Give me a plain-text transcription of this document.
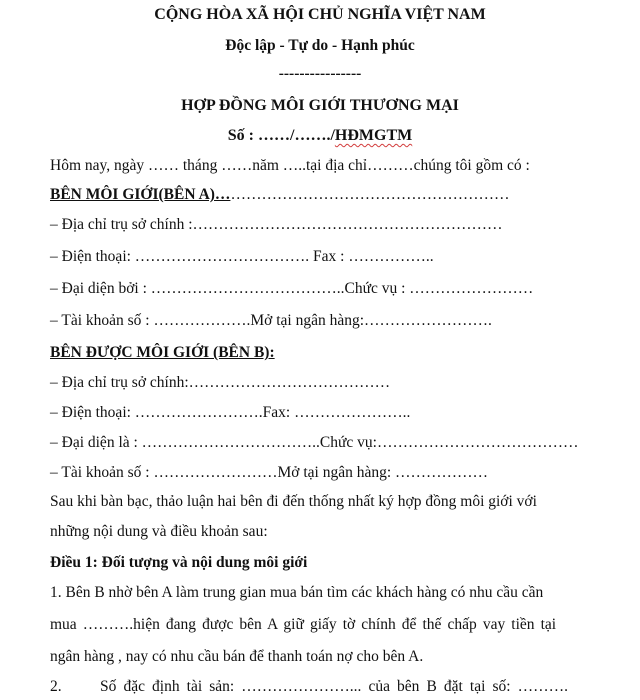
CỘNG HÒA XÃ HỘI CHỦ NGHĨA VIỆT NAM
Độc lập - Tự do - Hạnh phúc
----------------
HỢP ĐỒNG MÔI GIỚI THƯƠNG MẠI
Số : ……/……./HĐMGTM
Hôm nay, ngày …… tháng ……năm …..tại địa chỉ………chúng tôi gồm có :
BÊN MÔI GIỚI(BÊN A)…………………………………………………
– Địa chỉ trụ sở chính :……………………………………………………
– Điện thoại: ……………………………. Fax : ……………..
– Đại diện bởi : ………………………………..Chức vụ : ……………………
– Tài khoản số : ……………….Mở tại ngân hàng:…………………….
BÊN ĐƯỢC MÔI GIỚI (BÊN B):
– Địa chỉ trụ sở chính:…………………………………
– Điện thoại: …………………….Fax: …………………..
– Đại diện là : ……………………………..Chức vụ:…………………………………
– Tài khoản số : ……………………Mở tại ngân hàng: ………………
Sau khi bàn bạc, thảo luận hai bên đi đến thống nhất ký hợp đồng môi giới với
những nội dung và điều khoản sau:
Điều 1: Đối tượng và nội dung môi giới
1. Bên B nhờ bên A làm trung gian mua bán tìm các khách hàng có nhu cầu cần
mua ……….hiện đang được bên A giữ giấy tờ chính để thế chấp vay tiền tại
ngân hàng , nay có nhu cầu bán để thanh toán nợ cho bên A.
2. Số đặc định tài sản: …………………... của bên B đặt tại số: ……….
